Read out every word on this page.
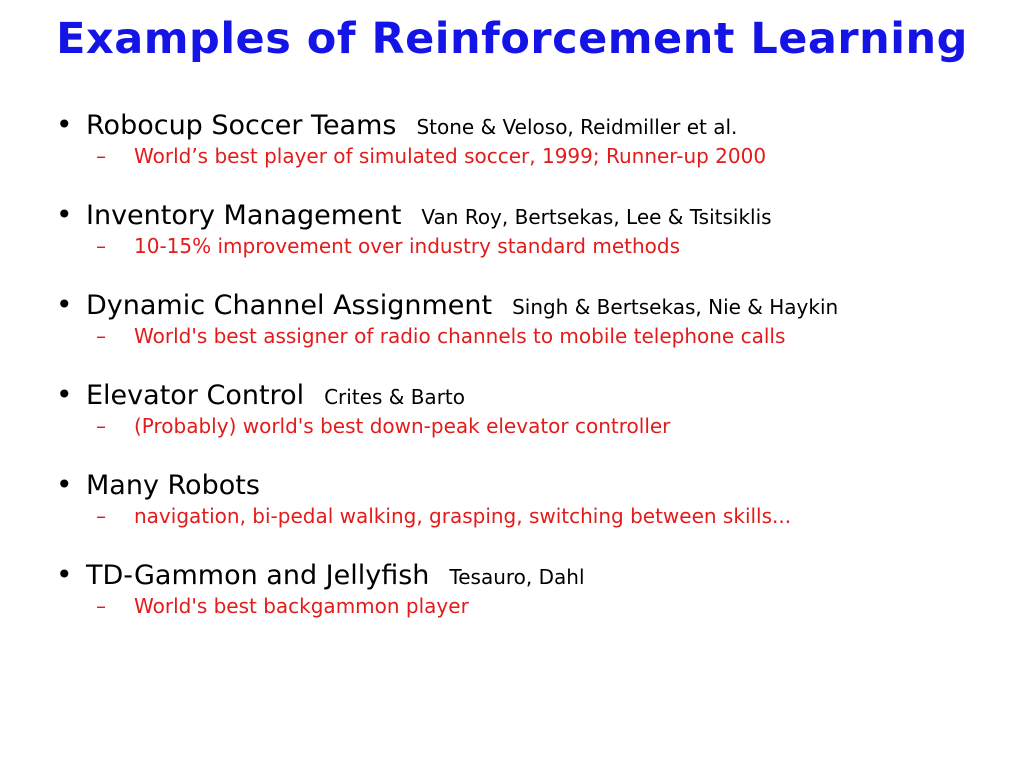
Examples of Reinforcement Learning
• Robocup Soccer Teams Stone & Veloso, Reidmiller et al.
–	World’s best player of simulated soccer, 1999; Runner-up 2000
• Inventory Management Van Roy, Bertsekas, Lee & Tsitsiklis
–	10-15% improvement over industry standard methods
• Dynamic Channel Assignment Singh & Bertsekas, Nie & Haykin
–	World's best assigner of radio channels to mobile telephone calls
• Elevator Control Crites & Barto
–	(Probably) world's best down-peak elevator controller
• Many Robots
–	navigation, bi-pedal walking, grasping, switching between skills...
• TD-Gammon and Jellyfish Tesauro, Dahl
–	World's best backgammon player
